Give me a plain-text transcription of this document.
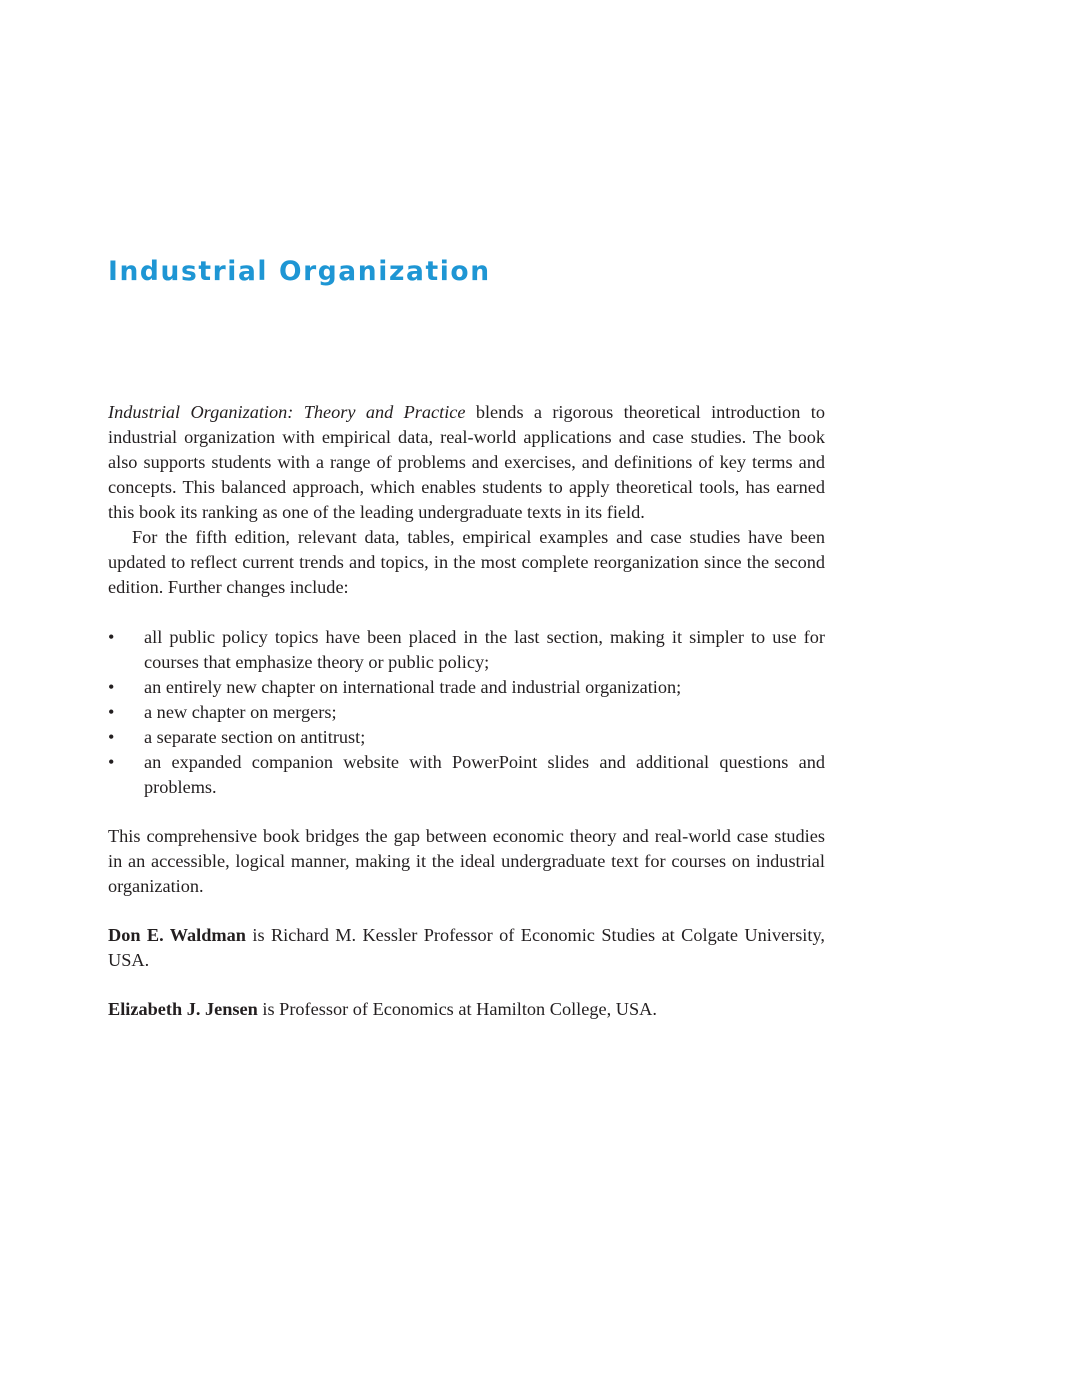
Industrial Organization

Industrial Organization: Theory and Practice blends a rigorous theoretical introduction to industrial organization with empirical data, real-world applications and case studies. The book also supports students with a range of problems and exercises, and definitions of key terms and concepts. This balanced approach, which enables students to apply theoretical tools, has earned this book its ranking as one of the leading undergraduate texts in its field.

For the fifth edition, relevant data, tables, empirical examples and case studies have been updated to reflect current trends and topics, in the most complete reorganization since the second edition. Further changes include:

• all public policy topics have been placed in the last section, making it simpler to use for courses that emphasize theory or public policy;
• an entirely new chapter on international trade and industrial organization;
• a new chapter on mergers;
• a separate section on antitrust;
• an expanded companion website with PowerPoint slides and additional questions and problems.

This comprehensive book bridges the gap between economic theory and real-world case studies in an accessible, logical manner, making it the ideal undergraduate text for courses on industrial organization.

Don E. Waldman is Richard M. Kessler Professor of Economic Studies at Colgate University, USA.

Elizabeth J. Jensen is Professor of Economics at Hamilton College, USA.
